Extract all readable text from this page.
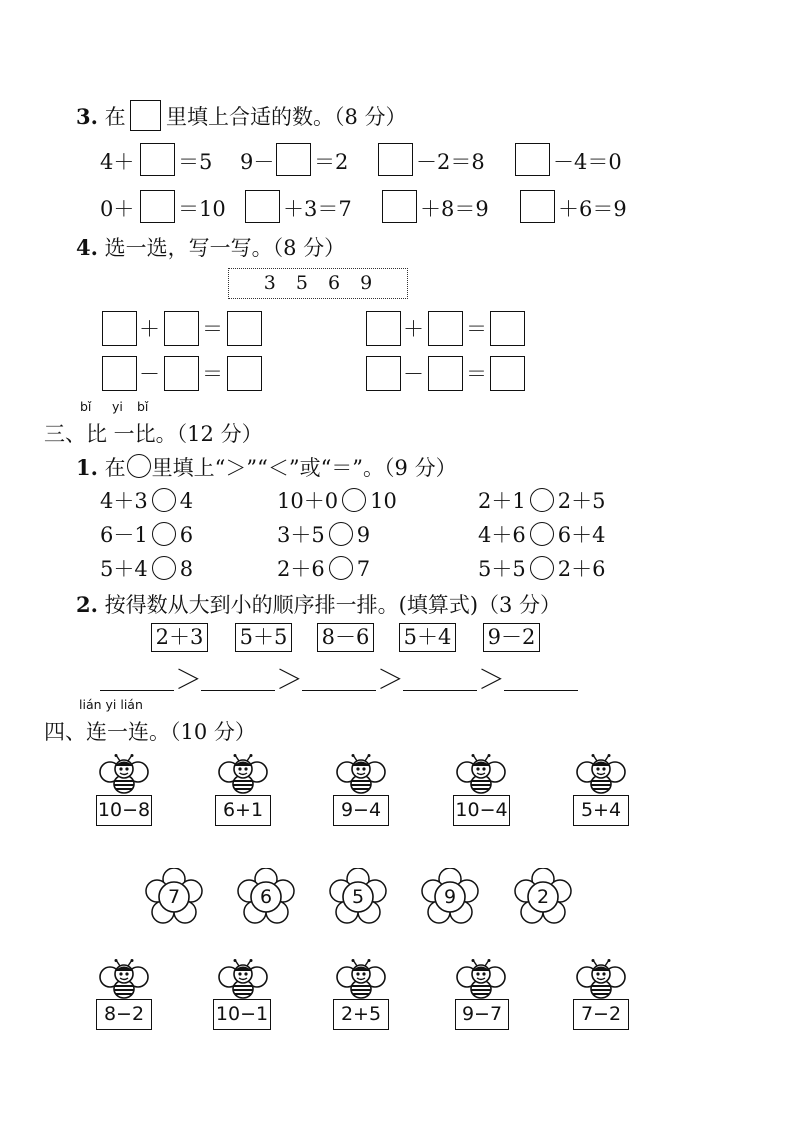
3. 在 里填上合适的数。（8 分）
4＋ ＝5 9－ ＝2	－2＝8	－4＝0
0＋ ＝10	＋3＝7	＋8＝9	＋6＝9
4. 选一选，写一写。（8 分）
3 5 6 9
＋ ＝
－ ＝
＋ ＝
－ ＝
bǐ yi bǐ
三、比 一比。（12 分）
1. 在 里填上“＞”“＜”或“＝”。（9 分）
4＋3 4	10＋0 10	2＋1 2＋5
6－1 6	3＋5 9	4＋6 6＋4
5＋4 8	2＋6 7	5＋5 2＋6
2. 按得数从大到小的顺序排一排。(填算式)（3 分）
2＋3 5＋5 8－6 5＋4 9－2
＞	＞	＞	＞
lián yi lián
四、连一连。（10 分）
10−8	6+1	9−4	10−4	5+4
7	6	5	9	2
8−2	10−1	2+5	9−7	7−2
